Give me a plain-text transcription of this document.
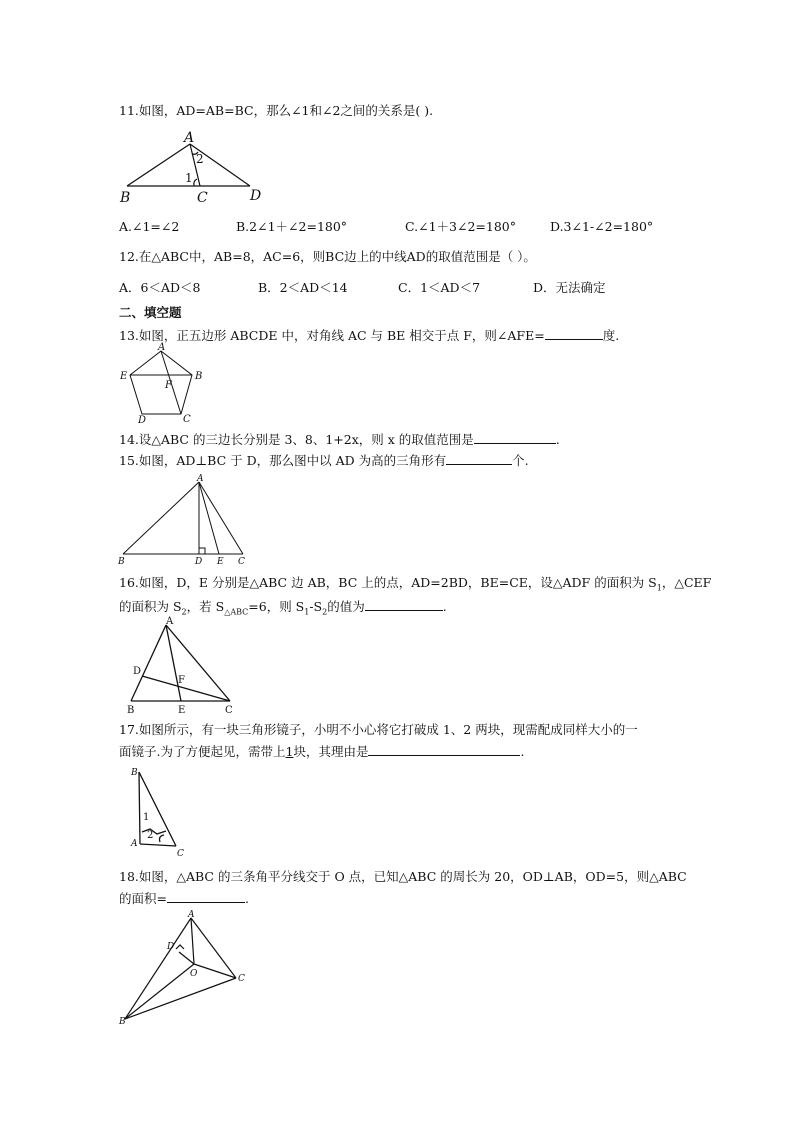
11.如图，AD=AB=BC，那么∠1和∠2之间的关系是( ).
A
B	C	D
1
2
A.∠1=∠2	B.2∠1＋∠2=180°	C.∠1＋3∠2=180°	D.3∠1-∠2=180°
12.在△ABC中，AB=8，AC=6，则BC边上的中线AD的取值范围是（ ）。
A．6＜AD＜8	B．2＜AD＜14	C．1＜AD＜7	D．无法确定
二、填空题
13.如图，正五边形 ABCDE 中，对角线 AC 与 BE 相交于点 F，则∠AFE=	度.
A
B
C
D
E
F
14.设△ABC 的三边长分别是 3、8、1+2x，则 x 的取值范围是	.
15.如图，AD⊥BC 于 D，那么图中以 AD 为高的三角形有	个.
A
B	D E C
16.如图，D，E 分别是△ABC 边 AB，BC 上的点，AD=2BD，BE=CE，设△ADF 的面积为 $S_1$，△CEF
的面积为 $S_2$，若 $S_{\triangle ABC}=6$，则 $S_1-S_2$的值为	.
A
B	C
D
E
F
17.如图所示，有一块三角形镜子，小明不小心将它打破成 1、2 两块，现需配成同样大小的一
面镜子.为了方便起见，需带上1块，其理由是	.
B
A
C
1
2
18.如图，△ABC 的三条角平分线交于 O 点，已知△ABC 的周长为 20，OD⊥AB，OD=5，则△ABC
的面积=	.
A
B
C
D
O
